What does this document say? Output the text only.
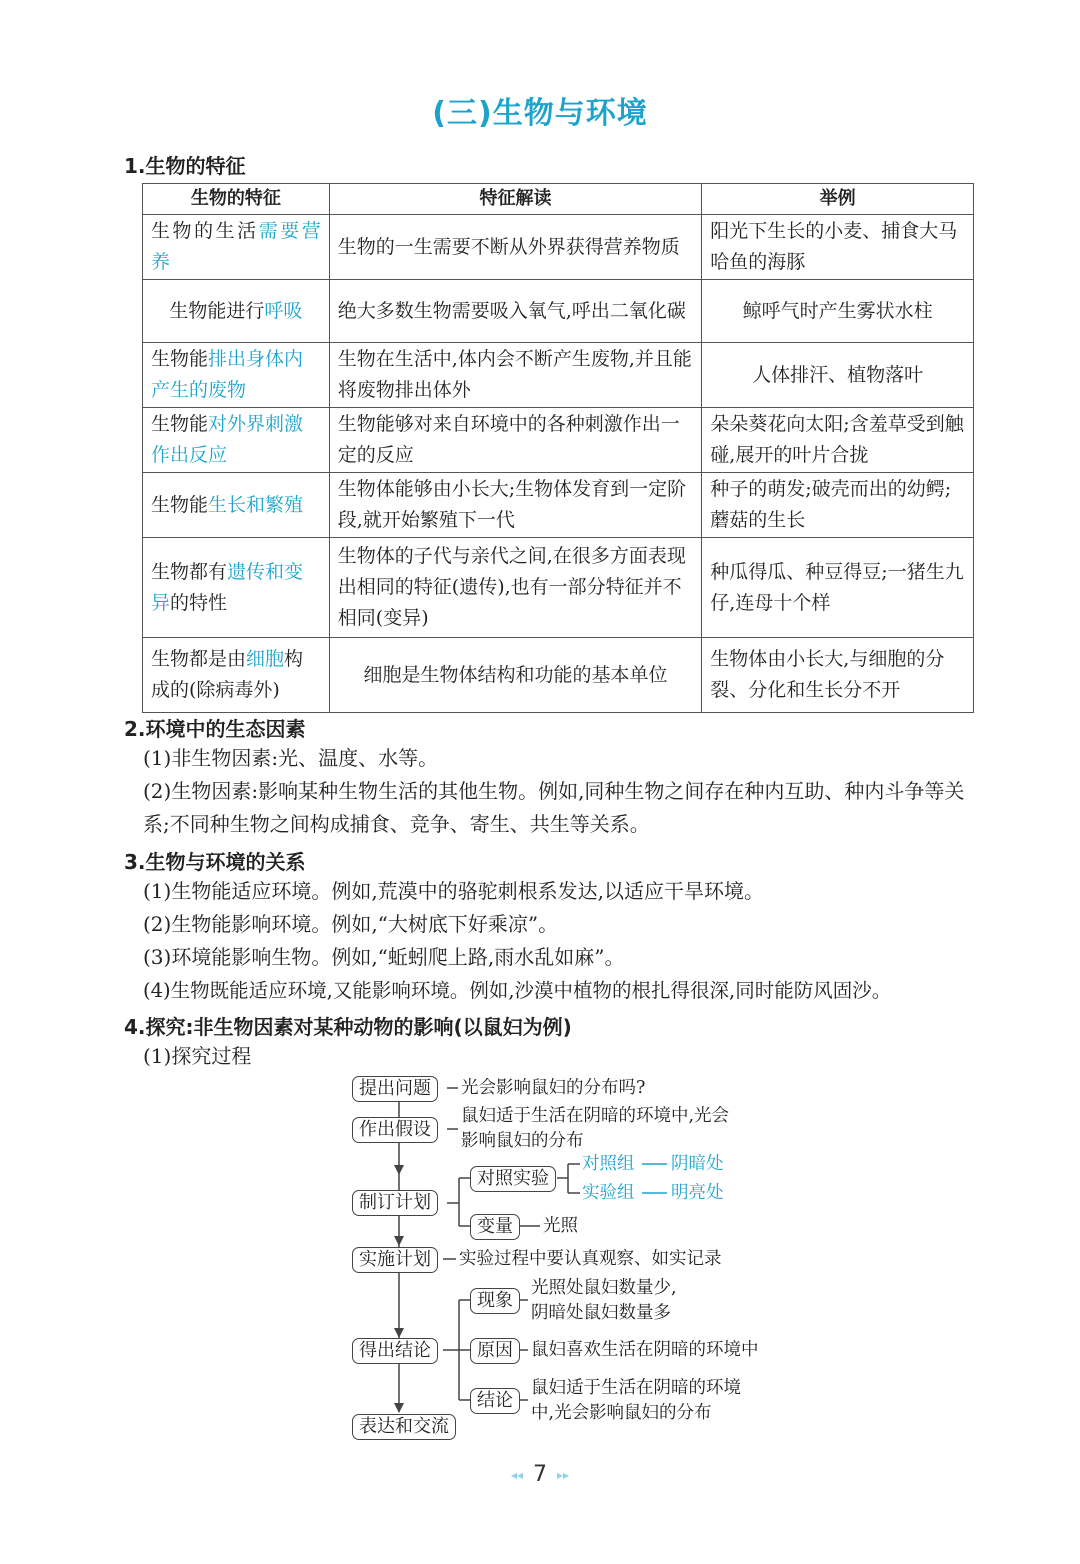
(三)生物与环境
1.生物的特征
生物的特征	特征解读	举例
生物的生活需要营养	生物的一生需要不断从外界获得营养物质	阳光下生长的小麦、捕食大马哈鱼的海豚
生物能进行呼吸	绝大多数生物需要吸入氧气,呼出二氧化碳	鲸呼气时产生雾状水柱
生物能排出身体内产生的废物	生物在生活中,体内会不断产生废物,并且能将废物排出体外	人体排汗、植物落叶
生物能对外界刺激作出反应	生物能够对来自环境中的各种刺激作出一定的反应	朵朵葵花向太阳;含羞草受到触碰,展开的叶片合拢
生物能生长和繁殖	生物体能够由小长大;生物体发育到一定阶段,就开始繁殖下一代	种子的萌发;破壳而出的幼鳄;蘑菇的生长
生物都有遗传和变异的特性	生物体的子代与亲代之间,在很多方面表现出相同的特征(遗传),也有一部分特征并不相同(变异)	种瓜得瓜、种豆得豆;一猪生九仔,连母十个样
生物都是由细胞构成的(除病毒外)	细胞是生物体结构和功能的基本单位	生物体由小长大,与细胞的分裂、分化和生长分不开
2.环境中的生态因素
(1)非生物因素:光、温度、水等。
(2)生物因素:影响某种生物生活的其他生物。例如,同种生物之间存在种内互助、种内斗争等关系;不同种生物之间构成捕食、竞争、寄生、共生等关系。
3.生物与环境的关系
(1)生物能适应环境。例如,荒漠中的骆驼刺根系发达,以适应干旱环境。
(2)生物能影响环境。例如,“大树底下好乘凉”。
(3)环境能影响生物。例如,“蚯蚓爬上路,雨水乱如麻”。
(4)生物既能适应环境,又能影响环境。例如,沙漠中植物的根扎得很深,同时能防风固沙。
4.探究:非生物因素对某种动物的影响(以鼠妇为例)
(1)探究过程
提出问题
作出假设
制订计划
实施计划
得出结论
表达和交流
光会影响鼠妇的分布吗?
鼠妇适于生活在阴暗的环境中,光会
影响鼠妇的分布
对照实验
对照组 阴暗处
实验组 明亮处
变量	光照
实验过程中要认真观察、如实记录
现象
光照处鼠妇数量少,
阴暗处鼠妇数量多
原因	鼠妇喜欢生活在阴暗的环境中
结论
鼠妇适于生活在阴暗的环境
中,光会影响鼠妇的分布
◂◂ 7 ▸▸
